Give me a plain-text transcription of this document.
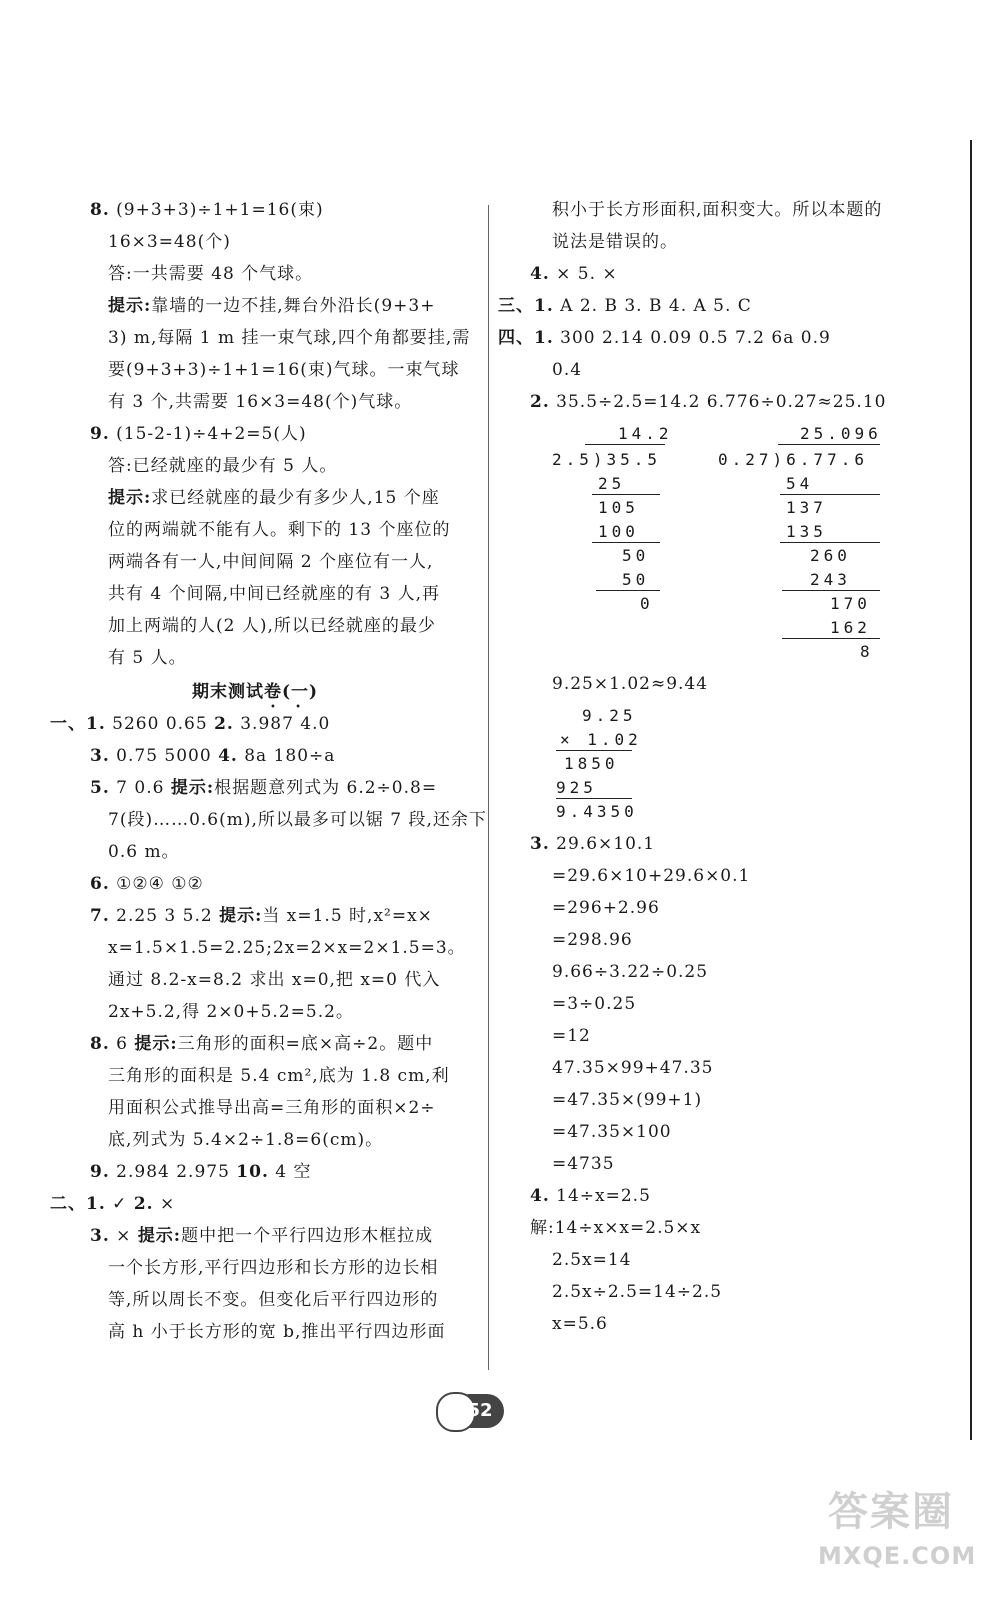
8. (9+3+3)÷1+1=16(束)
16×3=48(个)
答:一共需要 48 个气球。
提示:靠墙的一边不挂,舞台外沿长(9+3+
3) m,每隔 1 m 挂一束气球,四个角都要挂,需
要(9+3+3)÷1+1=16(束)气球。一束气球
有 3 个,共需要 16×3=48(个)气球。
9. (15-2-1)÷4+2=5(人)
答:已经就座的最少有 5 人。
提示:求已经就座的最少有多少人,15 个座
位的两端就不能有人。剩下的 13 个座位的
两端各有一人,中间间隔 2 个座位有一人,
共有 4 个间隔,中间已经就座的有 3 人,再
加上两端的人(2 人),所以已经就座的最少
有 5 人。
期末测试卷(一)
• •
一、1. 5260 0.65 2. 3.987 4.0
3. 0.75 5000 4. 8a 180÷a
5. 7 0.6 提示:根据题意列式为 6.2÷0.8=
7(段)……0.6(m),所以最多可以锯 7 段,还余下
0.6 m。
6. ①②④ ①②
7. 2.25 3 5.2 提示:当 x=1.5 时,x²=x×
x=1.5×1.5=2.25;2x=2×x=2×1.5=3。
通过 8.2-x=8.2 求出 x=0,把 x=0 代入
2x+5.2,得 2×0+5.2=5.2。
8. 6 提示:三角形的面积=底×高÷2。题中
三角形的面积是 5.4 cm²,底为 1.8 cm,利
用面积公式推导出高=三角形的面积×2÷
底,列式为 5.4×2÷1.8=6(cm)。
9. 2.984 2.975 10. 4 空
二、1. ✓ 2. ×
3. × 提示:题中把一个平行四边形木框拉成
一个长方形,平行四边形和长方形的边长相
等,所以周长不变。但变化后平行四边形的
高 h 小于长方形的宽 b,推出平行四边形面
积小于长方形面积,面积变大。所以本题的
说法是错误的。
4. × 5. ×
三、1. A 2. B 3. B 4. A 5. C
四、1. 300 2.14 0.09 0.5 7.2 6a 0.9
0.4
2. 35.5÷2.5=14.2 6.776÷0.27≈25.10
14.2
2.5)35.5
25
105
100
50
50
0
25.096
0.27)6.77.6
54
137
135
260
243
170
162
8
9.25×1.02≈9.44
9.25
× 1.02
1850
925
9.4350
3. 29.6×10.1
=29.6×10+29.6×0.1
=296+2.96
=298.96
9.66÷3.22÷0.25
=3÷0.25
=12
47.35×99+47.35
=47.35×(99+1)
=47.35×100
=4735
4. 14÷x=2.5
解:14÷x×x=2.5×x
2.5x=14
2.5x÷2.5=14÷2.5
x=5.6
52
答案圈
MXQE.COM
